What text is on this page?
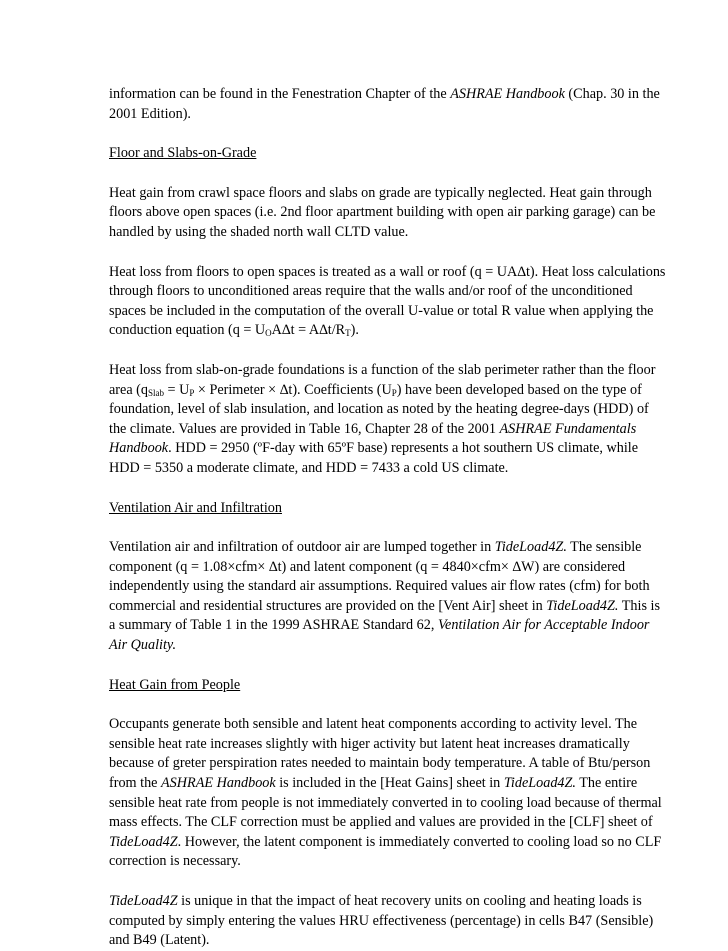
information can be found in the Fenestration Chapter of the ASHRAE Handbook (Chap. 30 in the 2001 Edition).

Floor and Slabs-on-Grade

Heat gain from crawl space floors and slabs on grade are typically neglected. Heat gain through floors above open spaces (i.e. 2nd floor apartment building with open air parking garage) can be handled by using the shaded north wall CLTD value.

Heat loss from floors to open spaces is treated as a wall or roof (q = UA∆t). Heat loss calculations through floors to unconditioned areas require that the walls and/or roof of the unconditioned spaces be included in the computation of the overall U-value or total R value when applying the conduction equation $(q = U_OA\Delta t = A\Delta t/R_T)$.

Heat loss from slab-on-grade foundations is a function of the slab perimeter rather than the floor area ($q_{Slab} = U_P$ × Perimeter × ∆t). Coefficients $(U_P)$ have been developed based on the type of foundation, level of slab insulation, and location as noted by the heating degree-days (HDD) of the climate. Values are provided in Table 16, Chapter 28 of the 2001 ASHRAE Fundamentals Handbook. HDD = 2950 (ºF-day with 65ºF base) represents a hot southern US climate, while HDD = 5350 a moderate climate, and HDD = 7433 a cold US climate.

Ventilation Air and Infiltration

Ventilation air and infiltration of outdoor air are lumped together in TideLoad4Z. The sensible component (q = 1.08×cfm× ∆t) and latent component (q = 4840×cfm× ∆W) are considered independently using the standard air assumptions. Required values air flow rates (cfm) for both commercial and residential structures are provided on the [Vent Air] sheet in TideLoad4Z. This is a summary of Table 1 in the 1999 ASHRAE Standard 62, Ventilation Air for Acceptable Indoor Air Quality.

Heat Gain from People

Occupants generate both sensible and latent heat components according to activity level. The sensible heat rate increases slightly with higer activity but latent heat increases dramatically because of greter perspiration rates needed to maintain body temperature. A table of Btu/person from the ASHRAE Handbook is included in the [Heat Gains] sheet in TideLoad4Z. The entire sensible heat rate from people is not immediately converted in to cooling load because of thermal mass effects. The CLF correction must be applied and values are provided in the [CLF] sheet of TideLoad4Z. However, the latent component is immediately converted to cooling load so no CLF correction is necessary.

TideLoad4Z is unique in that the impact of heat recovery units on cooling and heating loads is computed by simply entering the values HRU effectiveness (percentage) in cells B47 (Sensible) and B49 (Latent).
